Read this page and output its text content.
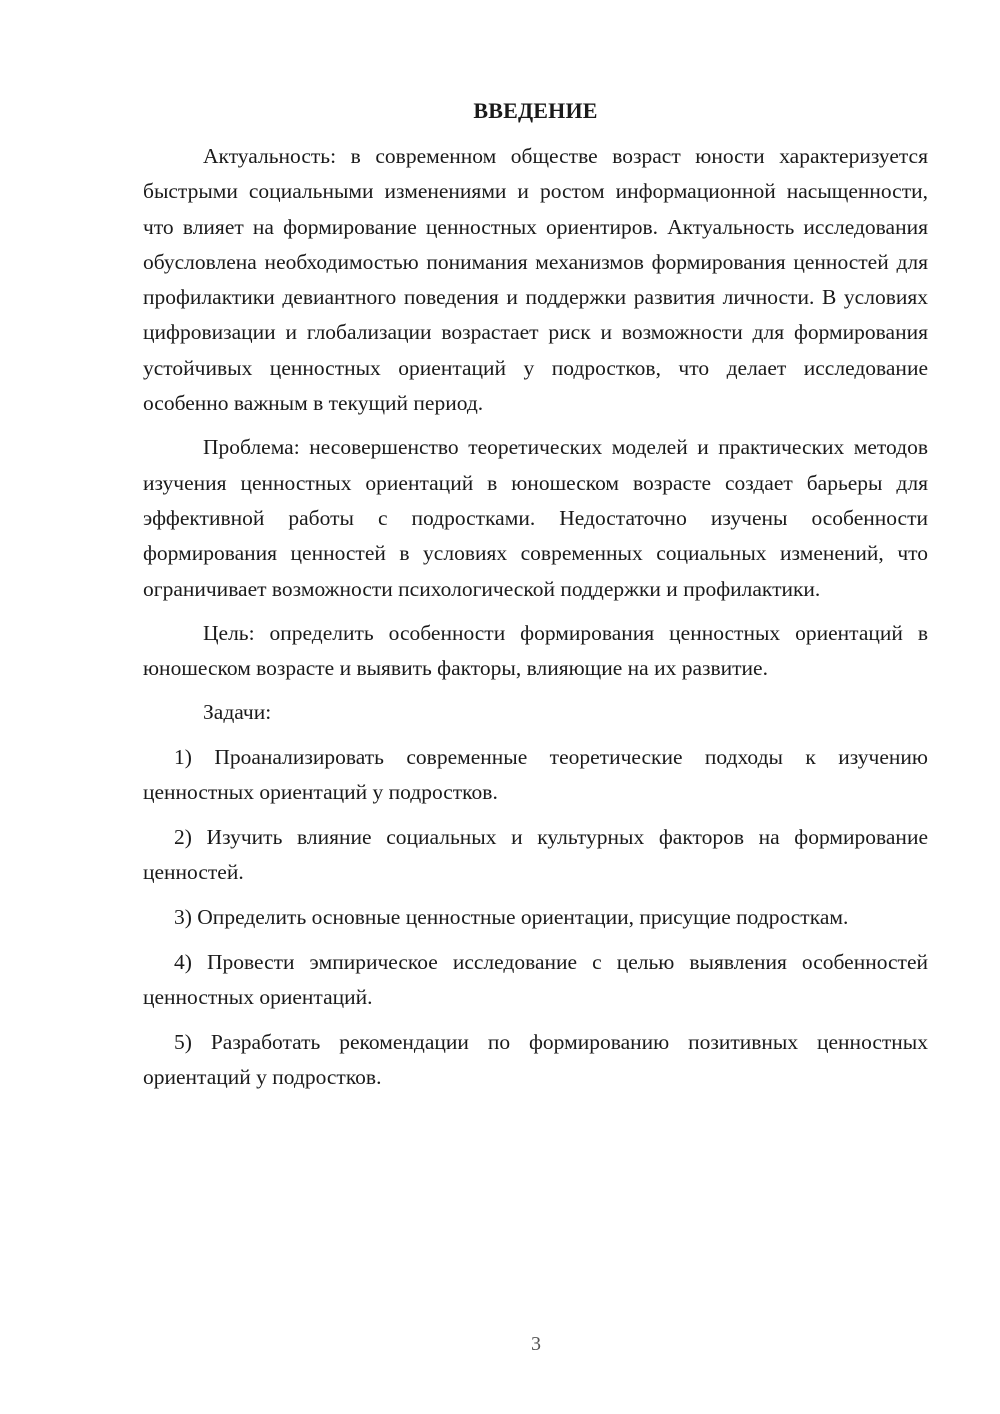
ВВЕДЕНИЕ

Актуальность: в современном обществе возраст юности характеризуется быстрыми социальными изменениями и ростом информационной насыщенности, что влияет на формирование ценностных ориентиров. Актуальность исследования обусловлена необходимостью понимания механизмов формирования ценностей для профилактики девиантного поведения и поддержки развития личности. В условиях цифровизации и глобализации возрастает риск и возможности для формирования устойчивых ценностных ориентаций у подростков, что делает исследование особенно важным в текущий период.

Проблема: несовершенство теоретических моделей и практических методов изучения ценностных ориентаций в юношеском возрасте создает барьеры для эффективной работы с подростками. Недостаточно изучены особенности формирования ценностей в условиях современных социальных изменений, что ограничивает возможности психологической поддержки и профилактики.

Цель: определить особенности формирования ценностных ориентаций в юношеском возрасте и выявить факторы, влияющие на их развитие.

Задачи:

1) Проанализировать современные теоретические подходы к изучению ценностных ориентаций у подростков.

2) Изучить влияние социальных и культурных факторов на формирование ценностей.

3) Определить основные ценностные ориентации, присущие подросткам.

4) Провести эмпирическое исследование с целью выявления особенностей ценностных ориентаций.

5) Разработать рекомендации по формированию позитивных ценностных ориентаций у подростков.

3
